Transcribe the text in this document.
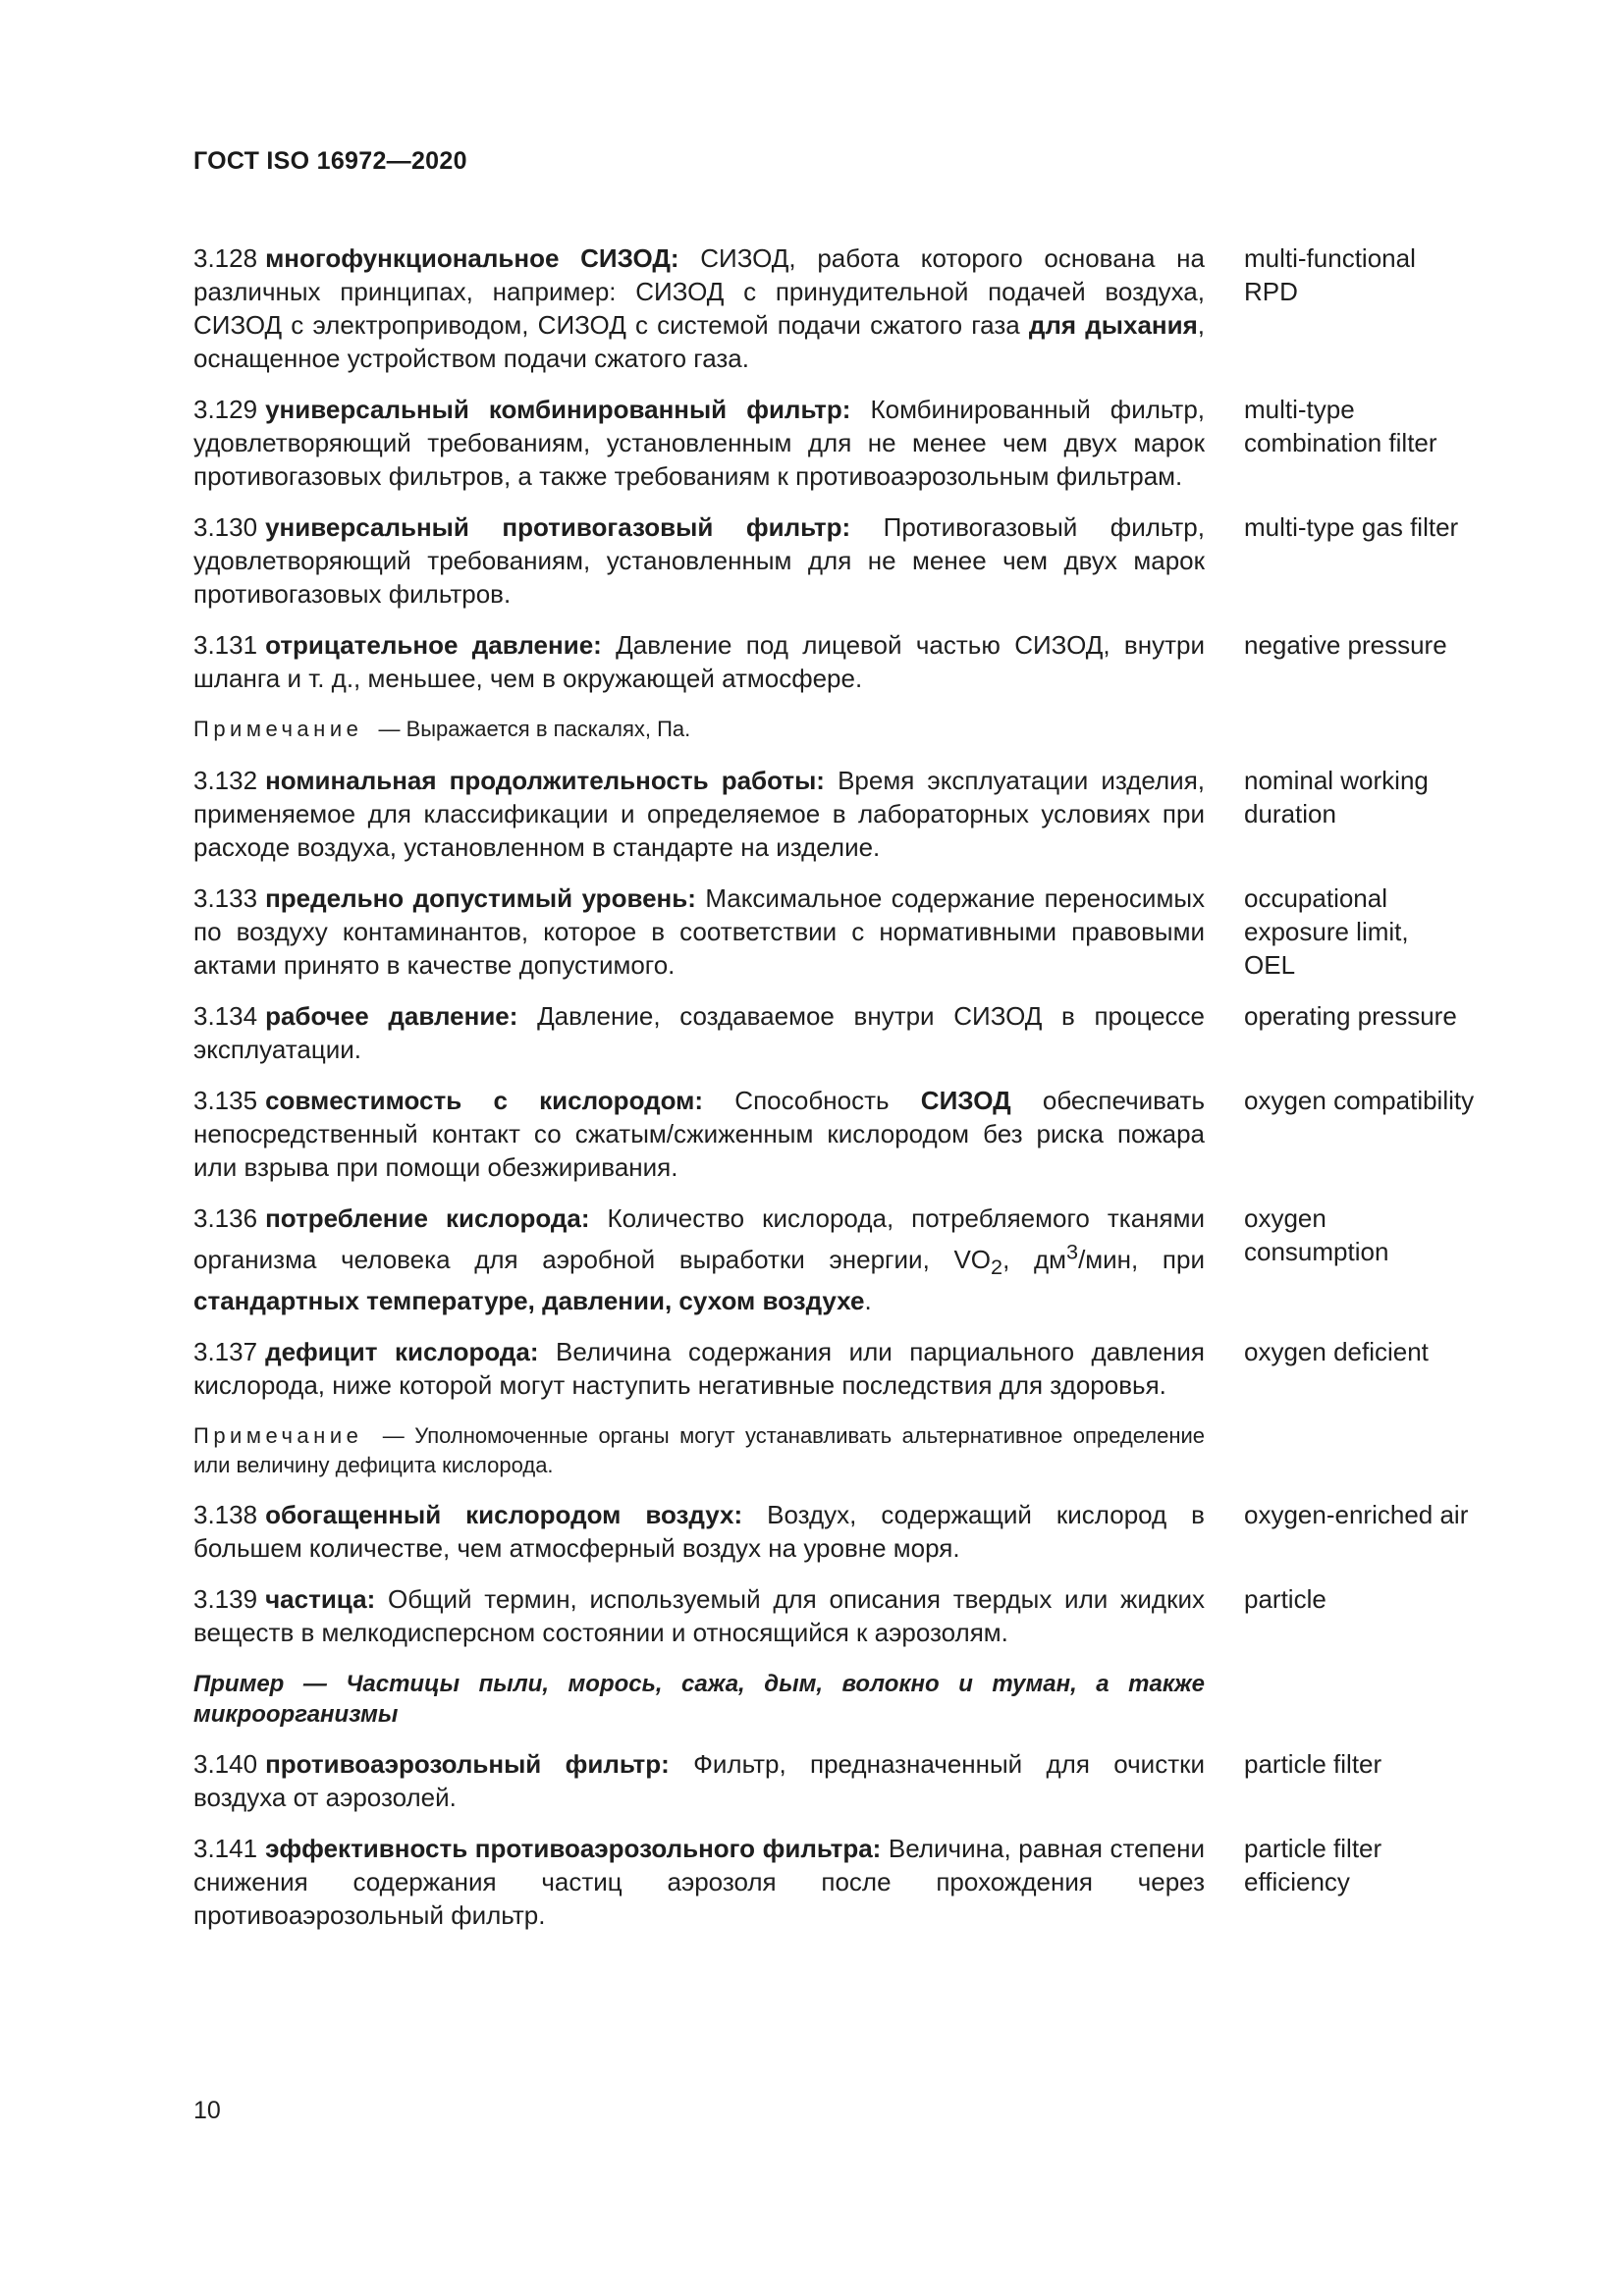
ГОСТ ISO 16972—2020

3.128 многофункциональное СИЗОД: СИЗОД, работа которого основана на различных принципах, например: СИЗОД с принудительной подачей воздуха, СИЗОД с электроприводом, СИЗОД с системой подачи сжатого газа для дыхания, оснащенное устройством подачи сжатого газа.

multi-functional
RPD

3.129 универсальный комбинированный фильтр: Комбинированный фильтр, удовлетворяющий требованиям, установленным для не менее чем двух марок противогазовых фильтров, а также требованиям к противоаэрозольным фильтрам.

multi-type
combination filter

3.130 универсальный противогазовый фильтр: Противогазовый фильтр, удовлетворяющий требованиям, установленным для не менее чем двух марок противогазовых фильтров.

multi-type gas filter

3.131 отрицательное давление: Давление под лицевой частью СИЗОД, внутри шланга и т. д., меньшее, чем в окружающей атмосфере.

negative pressure

Примечание — Выражается в паскалях, Па.

3.132 номинальная продолжительность работы: Время эксплуатации изделия, применяемое для классификации и определяемое в лабораторных условиях при расходе воздуха, установленном в стандарте на изделие.

nominal working
duration

3.133 предельно допустимый уровень: Максимальное содержание переносимых по воздуху контаминантов, которое в соответствии с нормативными правовыми актами принято в качестве допустимого.

occupational
exposure limit,
OEL

3.134 рабочее давление: Давление, создаваемое внутри СИЗОД в процессе эксплуатации.

operating pressure

3.135 совместимость с кислородом: Способность СИЗОД обеспечивать непосредственный контакт со сжатым/сжиженным кислородом без риска пожара или взрыва при помощи обезжиривания.

oxygen compatibility

3.136 потребление кислорода: Количество кислорода, потребляемого тканями организма человека для аэробной выработки энергии, $VO_2$, $дм^3$/мин, при стандартных температуре, давлении, сухом воздухе.

oxygen
consumption

3.137 дефицит кислорода: Величина содержания или парциального давления кислорода, ниже которой могут наступить негативные последствия для здоровья.

oxygen deficient

Примечание — Уполномоченные органы могут устанавливать альтернативное определение или величину дефицита кислорода.

3.138 обогащенный кислородом воздух: Воздух, содержащий кислород в большем количестве, чем атмосферный воздух на уровне моря.

oxygen-enriched air

3.139 частица: Общий термин, используемый для описания твердых или жидких веществ в мелкодисперсном состоянии и относящийся к аэрозолям.

particle

Пример — Частицы пыли, морось, сажа, дым, волокно и туман, а также микроорганизмы

3.140 противоаэрозольный фильтр: Фильтр, предназначенный для очистки воздуха от аэрозолей.

particle filter

3.141 эффективность противоаэрозольного фильтра: Величина, равная степени снижения содержания частиц аэрозоля после прохождения через противоаэрозольный фильтр.

particle filter
efficiency
10
